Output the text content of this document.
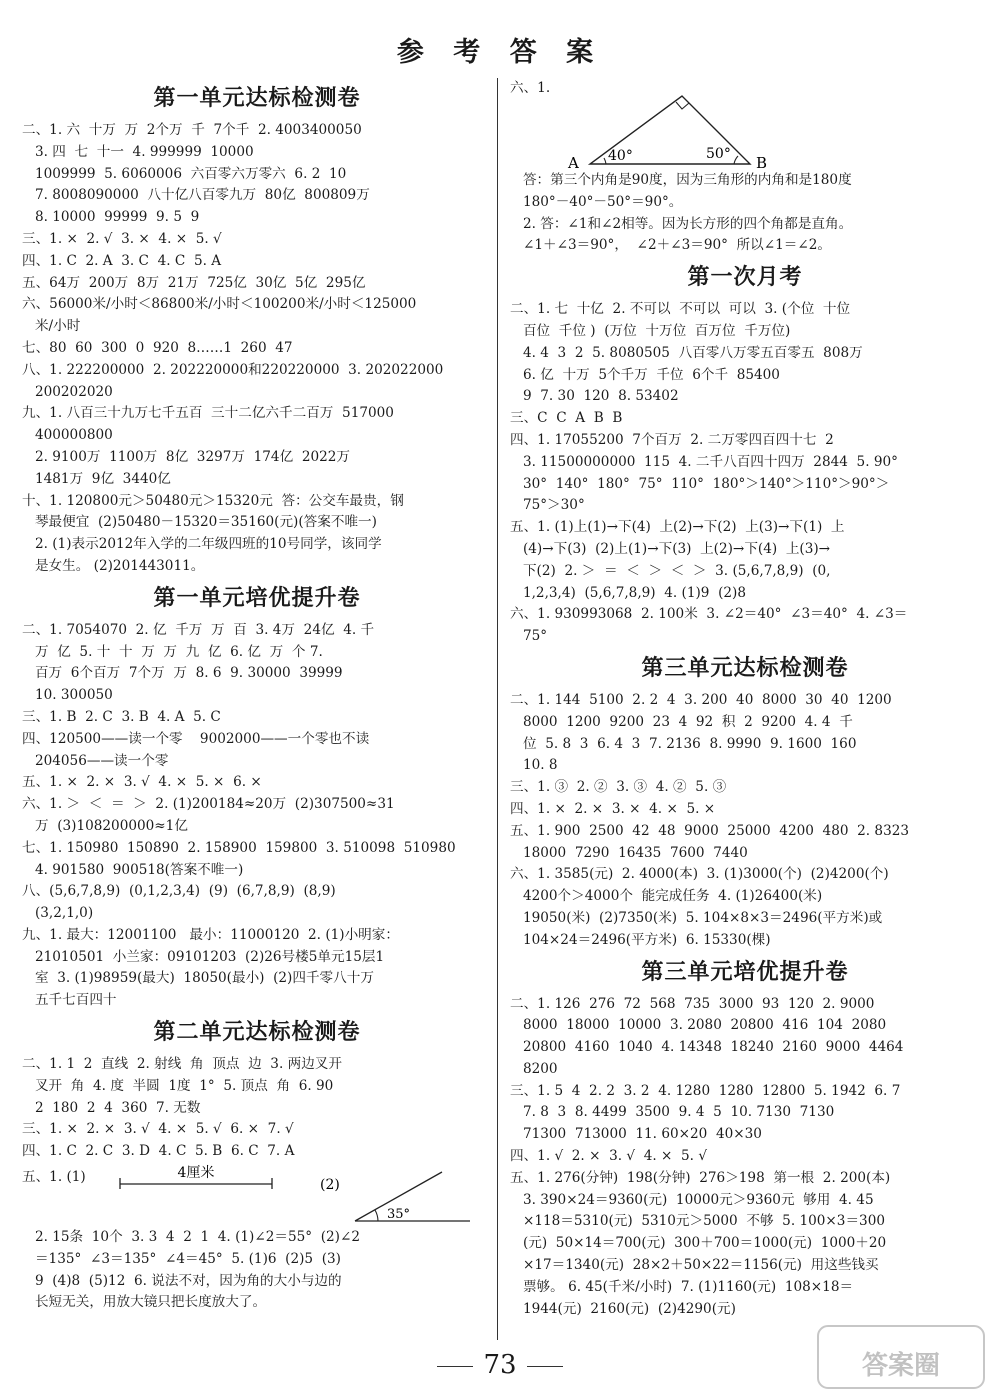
参 考 答 案
第一单元达标检测卷
二、1. 六  十万  万  2个万  千  7个千  2. 4003400050
3. 四  七  十一  4. 999999  10000
1009999  5. 6060006  六百零六万零六  6. 2  10
7. 8008090000  八十亿八百零九万  80亿  800809万
8. 10000  99999  9. 5  9
三、1. ×  2. √  3. ×  4. ×  5. √
四、1. C  2. A  3. C  4. C  5. A
五、64万  200万  8万  21万  725亿  30亿  5亿  295亿
六、56000米/小时＜86800米/小时＜100200米/小时＜125000
米/小时
七、80  60  300  0  920  8……1  260  47
八、1. 222200000  2. 202220000和220220000  3. 202022000
200202020
九、1. 八百三十九万七千五百  三十二亿六千二百万  517000
400000800
2. 9100万  1100万  8亿  3297万  174亿  2022万
1481万  9亿  3440亿
十、1. 120800元＞50480元＞15320元  答：公交车最贵，钢
琴最便宜  (2)50480－15320＝35160(元)(答案不唯一)
2. (1)表示2012年入学的二年级四班的10号同学，该同学
是女生。 (2)201443011。
第一单元培优提升卷
二、1. 7054070  2. 亿  千万  万  百  3. 4万  24亿  4. 千
万  亿  5. 十  十  万  万  九  亿  6. 亿  万  个 7.
百万  6个百万  7个万  万  8. 6  9. 30000  39999
10. 300050
三、1. B  2. C  3. B  4. A  5. C
四、120500——读一个零    9002000——一个零也不读
204056——读一个零
五、1. ×  2. ×  3. √  4. ×  5. ×  6. ×
六、1. ＞  ＜  ＝  ＞  2. (1)200184≈20万  (2)307500≈31
万  (3)108200000≈1亿
七、1. 150980  150890  2. 158900  159800  3. 510098  510980
4. 901580  900518(答案不唯一)
八、(5,6,7,8,9)  (0,1,2,3,4)  (9)  (6,7,8,9)  (8,9)
(3,2,1,0)
九、1. 最大：12001100   最小：11000120  2. (1)小明家：
21010501  小兰家：09101203  (2)26号楼5单元15层1
室  3. (1)98959(最大)  18050(最小)  (2)四千零八十万
五千七百四十
第二单元达标检测卷
二、1. 1  2  直线  2. 射线  角  顶点  边  3. 两边叉开
叉开  角  4. 度  半圆  1度  1°  5. 顶点  角  6. 90
2  180  2  4  360  7. 无数
三、1. ×  2. ×  3. √  4. ×  5. √  6. ×  7. √
四、1. C  2. C  3. D  4. C  5. B  6. C  7. A
五、1. (1)	4厘米
(2)
35°
2. 15条  10个  3. 3  4  2  1  4. (1)∠2＝55°  (2)∠2
＝135°  ∠3＝135°  ∠4＝45°  5. (1)6  (2)5  (3)
9  (4)8  (5)12  6. 说法不对，因为角的大小与边的
长短无关，用放大镜只把长度放大了。
六、1.
A	B
40°	50°
答：第三个内角是90度，因为三角形的内角和是180度
180°－40°－50°＝90°。
2. 答：∠1和∠2相等。因为长方形的四个角都是直角。
∠1＋∠3＝90°，  ∠2＋∠3＝90°  所以∠1＝∠2。
第一次月考
二、1. 七  十亿  2. 不可以  不可以  可以  3. (个位  十位
百位  千位 )  (万位  十万位  百万位  千万位)
4. 4  3  2  5. 8080505  八百零八万零五百零五  808万
6. 亿  十万  5个千万  千位  6个千  85400
9  7. 30  120  8. 53402
三、C  C  A  B  B
四、1. 17055200  7个百万  2. 二万零四百四十七  2
3. 11500000000  115  4. 二千八百四十四万  2844  5. 90°
30°  140°  180°  75°  110°  180°＞140°＞110°＞90°＞
75°＞30°
五、1. (1)上(1)→下(4)  上(2)→下(2)  上(3)→下(1)  上
(4)→下(3)  (2)上(1)→下(3)  上(2)→下(4)  上(3)→
下(2)  2. ＞  ＝  ＜  ＞  ＜  ＞  3. (5,6,7,8,9)  (0,
1,2,3,4)  (5,6,7,8,9)  4. (1)9  (2)8
六、1. 930993068  2. 100米  3. ∠2＝40°  ∠3＝40°  4. ∠3＝
75°
第三单元达标检测卷
二、1. 144  5100  2. 2  4  3. 200  40  8000  30  40  1200
8000  1200  9200  23  4  92  积  2  9200  4. 4  千
位  5. 8  3  6. 4  3  7. 2136  8. 9990  9. 1600  160
10. 8
三、1. ③  2. ②  3. ③  4. ②  5. ③
四、1. ×  2. ×  3. ×  4. ×  5. ×
五、1. 900  2500  42  48  9000  25000  4200  480  2. 8323
18000  7290  16435  7600  7440
六、1. 3585(元)  2. 4000(本)  3. (1)3000(个)  (2)4200(个)
4200个＞4000个  能完成任务  4. (1)26400(米)
19050(米)  (2)7350(米)  5. 104×8×3＝2496(平方米)或
104×24＝2496(平方米)  6. 15330(棵)
第三单元培优提升卷
二、1. 126  276  72  568  735  3000  93  120  2. 9000
8000  18000  10000  3. 2080  20800  416  104  2080
20800  4160  1040  4. 14348  18240  2160  9000  4464
8200
三、1. 5  4  2. 2  3. 2  4. 1280  1280  12800  5. 1942  6. 7
7. 8  3  8. 4499  3500  9. 4  5  10. 7130  7130
71300  713000  11. 60×20  40×30
四、1. √  2. ×  3. √  4. ×  5. √
五、1. 276(分钟)  198(分钟)  276＞198  第一根  2. 200(本)
3. 390×24＝9360(元)  10000元＞9360元  够用  4. 45
×118＝5310(元)  5310元＞5000  不够  5. 100×3＝300
(元)  50×14＝700(元)  300＋700＝1000(元)  1000＋20
×17＝1340(元)  28×2＋50×22＝1156(元)  用这些钱买
票够。 6. 45(千米/小时)  7. (1)1160(元)  108×18＝
1944(元)  2160(元)  (2)4290(元)
73	答案圈
